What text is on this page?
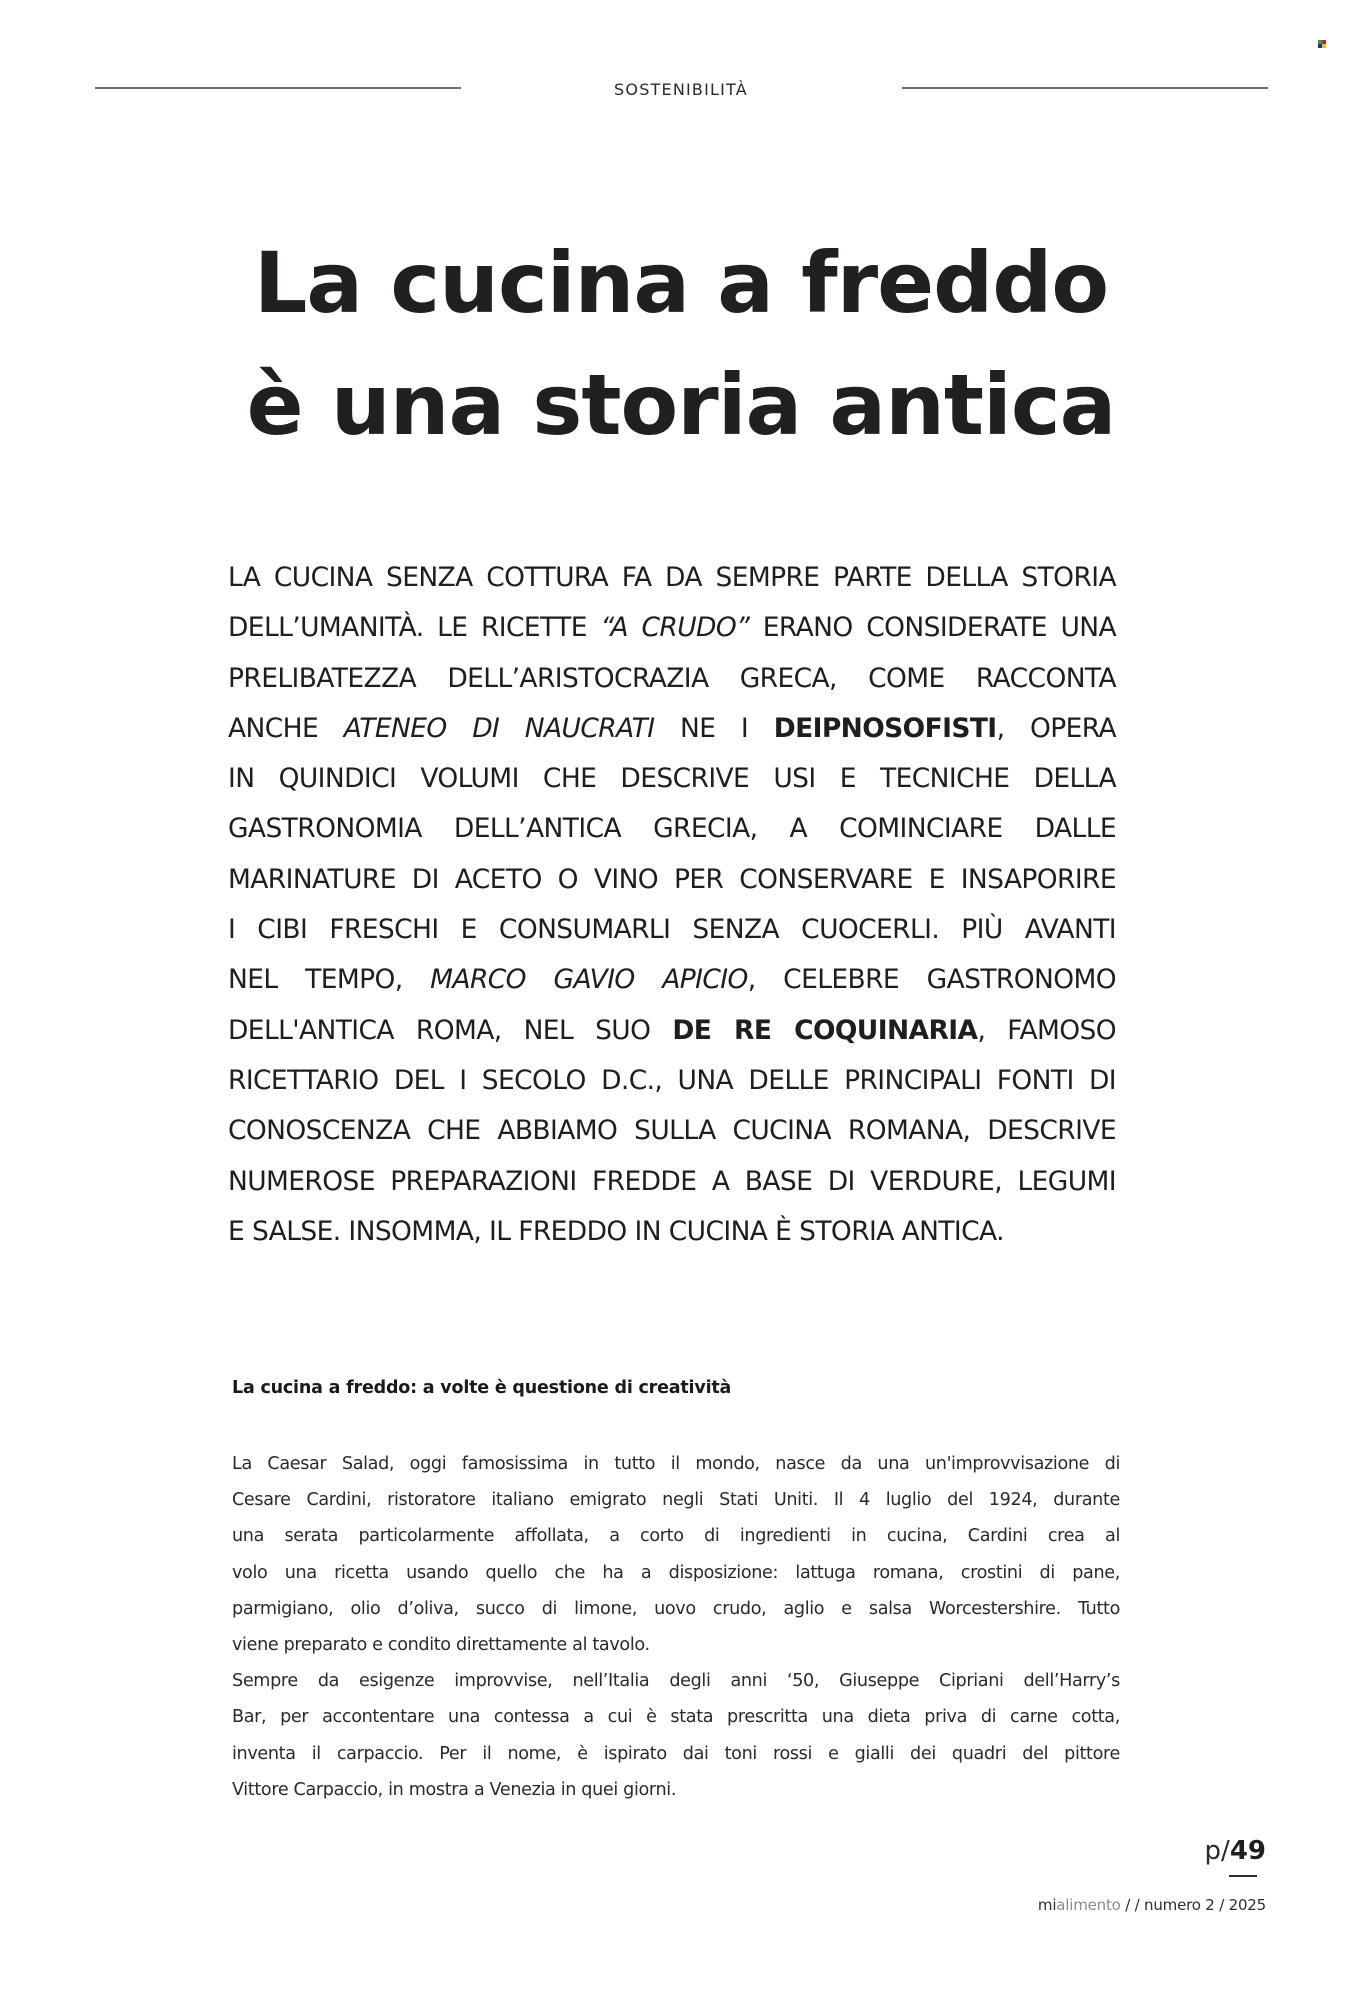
SOSTENIBILITÀ
La cucina a freddo
è una storia antica
LA CUCINA SENZA COTTURA FA DA SEMPRE PARTE DELLA STORIA
DELL’UMANITÀ. LE RICETTE “A CRUDO” ERANO CONSIDERATE UNA
PRELIBATEZZA DELL’ARISTOCRAZIA GRECA, COME RACCONTA
ANCHE ATENEO DI NAUCRATI NE I DEIPNOSOFISTI, OPERA
IN QUINDICI VOLUMI CHE DESCRIVE USI E TECNICHE DELLA
GASTRONOMIA DELL’ANTICA GRECIA, A COMINCIARE DALLE
MARINATURE DI ACETO O VINO PER CONSERVARE E INSAPORIRE
I CIBI FRESCHI E CONSUMARLI SENZA CUOCERLI. PIÙ AVANTI
NEL TEMPO, MARCO GAVIO APICIO, CELEBRE GASTRONOMO
DELL'ANTICA ROMA, NEL SUO DE RE COQUINARIA, FAMOSO
RICETTARIO DEL I SECOLO D.C., UNA DELLE PRINCIPALI FONTI DI
CONOSCENZA CHE ABBIAMO SULLA CUCINA ROMANA, DESCRIVE
NUMEROSE PREPARAZIONI FREDDE A BASE DI VERDURE, LEGUMI
E SALSE. INSOMMA, IL FREDDO IN CUCINA È STORIA ANTICA.
La cucina a freddo: a volte è questione di creatività
La Caesar Salad, oggi famosissima in tutto il mondo, nasce da una un'improvvisazione di
Cesare Cardini, ristoratore italiano emigrato negli Stati Uniti. Il 4 luglio del 1924, durante
una serata particolarmente affollata, a corto di ingredienti in cucina, Cardini crea al
volo una ricetta usando quello che ha a disposizione: lattuga romana, crostini di pane,
parmigiano, olio d’oliva, succo di limone, uovo crudo, aglio e salsa Worcestershire. Tutto
viene preparato e condito direttamente al tavolo.
Sempre da esigenze improvvise, nell’Italia degli anni ‘50, Giuseppe Cipriani dell’Harry’s
Bar, per accontentare una contessa a cui è stata prescritta una dieta priva di carne cotta,
inventa il carpaccio. Per il nome, è ispirato dai toni rossi e gialli dei quadri del pittore
Vittore Carpaccio, in mostra a Venezia in quei giorni.
p/49
mialimento / / numero 2 / 2025
